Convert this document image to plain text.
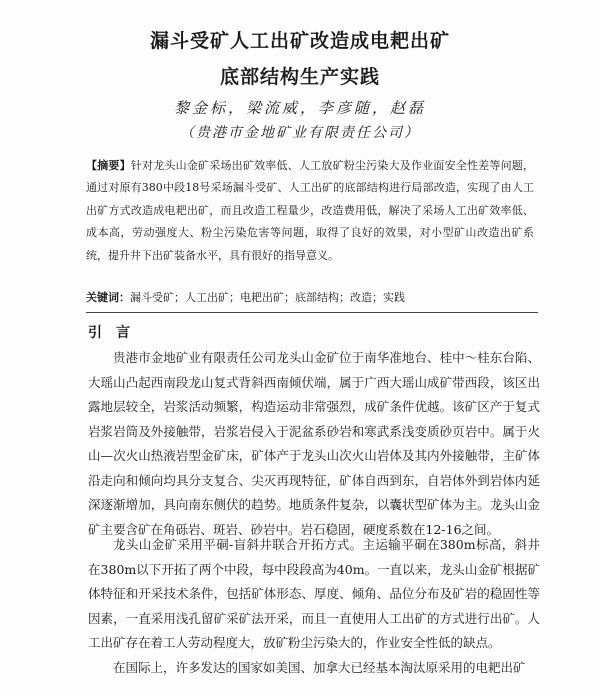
漏斗受矿人工出矿改造成电耙出矿
底部结构生产实践
黎金标，梁流威，李彦随，赵磊
（贵港市金地矿业有限责任公司）
【摘要】针对龙头山金矿采场出矿效率低、人工放矿粉尘污染大及作业面安全性差等问题，通过对原有380中段18号采场漏斗受矿、人工出矿的底部结构进行局部改造，实现了由人工出矿方式改造成电耙出矿，而且改造工程量少，改造费用低，解决了采场人工出矿效率低、成本高，劳动强度大、粉尘污染危害等问题，取得了良好的效果，对小型矿山改造出矿系统，提升井下出矿装备水平，具有很好的指导意义。
关键词：漏斗受矿；人工出矿；电耙出矿；底部结构；改造；实践
引言

贵港市金地矿业有限责任公司龙头山金矿位于南华准地台、桂中～桂东台陷、大瑶山凸起西南段龙山复式背斜西南倾伏端，属于广西大瑶山成矿带西段，该区出露地层较全，岩浆活动频繁，构造运动非常强烈，成矿条件优越。该矿区产于复式岩浆岩筒及外接触带，岩浆岩侵入于泥盆系砂岩和寒武系浅变质砂页岩中。属于火山—次火山热液岩型金矿床，矿体产于龙头山次火山岩体及其内外接触带，主矿体沿走向和倾向均具分支复合、尖灭再现特征，矿体自西到东，自岩体外到岩体内延深逐渐增加，具向南东侧伏的趋势。地质条件复杂，以囊状型矿体为主。龙头山金矿主要含矿在角砾岩、斑岩、砂岩中。岩石稳固，硬度系数在12-16之间。

龙头山金矿采用平硐-盲斜井联合开拓方式。主运输平硐在380m标高，斜井在380m以下开拓了两个中段，每中段段高为40m。一直以来，龙头山金矿根据矿体特征和开采技术条件，包括矿体形态、厚度、倾角、品位分布及矿岩的稳固性等因素，一直采用浅孔留矿采矿法开采，而且一直使用人工出矿的方式进行出矿。人工出矿存在着工人劳动程度大，放矿粉尘污染大的，作业安全性低的缺点。

在国际上，许多发达的国家如美国、加拿大已经基本淘汰原采用的电耙出矿
